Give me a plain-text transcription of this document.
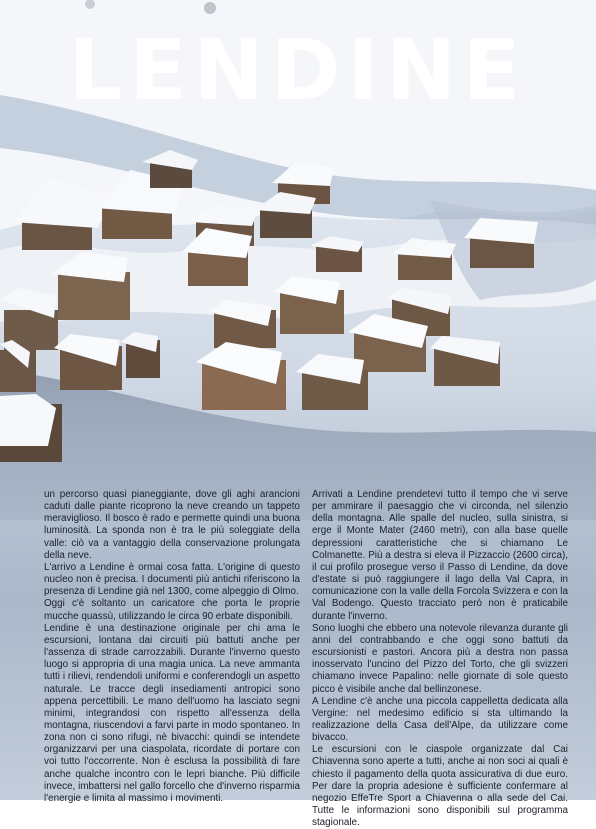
LENDINE

un percorso quasi pianeggiante, dove gli aghi arancioni caduti dalle piante ricoprono la neve creando un tappeto meraviglioso. Il bosco è rado e permette quindi una buona luminosità. La sponda non è tra le più soleggiate della valle: ciò va a vantaggio della conservazione prolungata della neve.

L'arrivo a Lendine è ormai cosa fatta. L'origine di questo nucleo non è precisa. I documenti più antichi riferiscono la presenza di Lendine già nel 1300, come alpeggio di Olmo.

Oggi c'è soltanto un caricatore che porta le proprie mucche quassù, utilizzando le circa 90 erbate disponibili.

Lendine è una destinazione originale per chi ama le escursioni, lontana dai circuiti più battuti anche per l'assenza di strade carrozzabili. Durante l'inverno questo luogo si appropria di una magia unica. La neve ammanta tutti i rilievi, rendendoli uniformi e conferendogli un aspetto naturale. Le tracce degli insediamenti antropici sono appena percettibili. Le mano dell'uomo ha lasciato segni minimi, integrandosi con rispetto all'essenza della montagna, riuscendovi a farvi parte in modo spontaneo. In zona non ci sono rifugi, nè bivacchi: quindi se intendete organizzarvi per una ciaspolata, ricordate di portare con voi tutto l'occorrente. Non è esclusa la possibilità di fare anche qualche incontro con le lepri bianche. Più difficile invece, imbattersi nel gallo forcello che d'inverno risparmia l'energie e limita al massimo i movimenti.

Arrivati a Lendine prendetevi tutto il tempo che vi serve per ammirare il paesaggio che vi circonda, nel silenzio della montagna. Alle spalle del nucleo, sulla sinistra, si erge il Monte Mater (2460 metri), con alla base quelle depressioni caratteristiche che si chiamano Le Colmanette. Più a destra si eleva il Pizzaccio (2600 circa), il cui profilo prosegue verso il Passo di Lendine, da dove d'estate si può raggiungere il lago della Val Capra, in comunicazione con la valle della Forcola Svizzera e con la Val Bodengo. Questo tracciato però non è praticabile durante l'inverno.

Sono luoghi che ebbero una notevole rilevanza durante gli anni del contrabbando e che oggi sono battuti da escursionisti e pastori. Ancora più a destra non passa inosservato l'uncino del Pizzo del Torto, che gli svizzeri chiamano invece Papalino: nelle giornate di sole questo picco è visibile anche dal bellinzonese.

A Lendine c'è anche una piccola cappelletta dedicata alla Vergine: nel medesimo edificio si sta ultimando la realizzazione della Casa dell'Alpe, da utilizzare come bivacco.

Le escursioni con le ciaspole organizzate dal Cai Chiavenna sono aperte a tutti, anche ai non soci ai quali è chiesto il pagamento della quota assicurativa di due euro. Per dare la propria adesione è sufficiente confermare al negozio EffeTre Sport a Chiavenna o alla sede del Cai. Tutte le informazioni sono disponibili sul programma stagionale.
